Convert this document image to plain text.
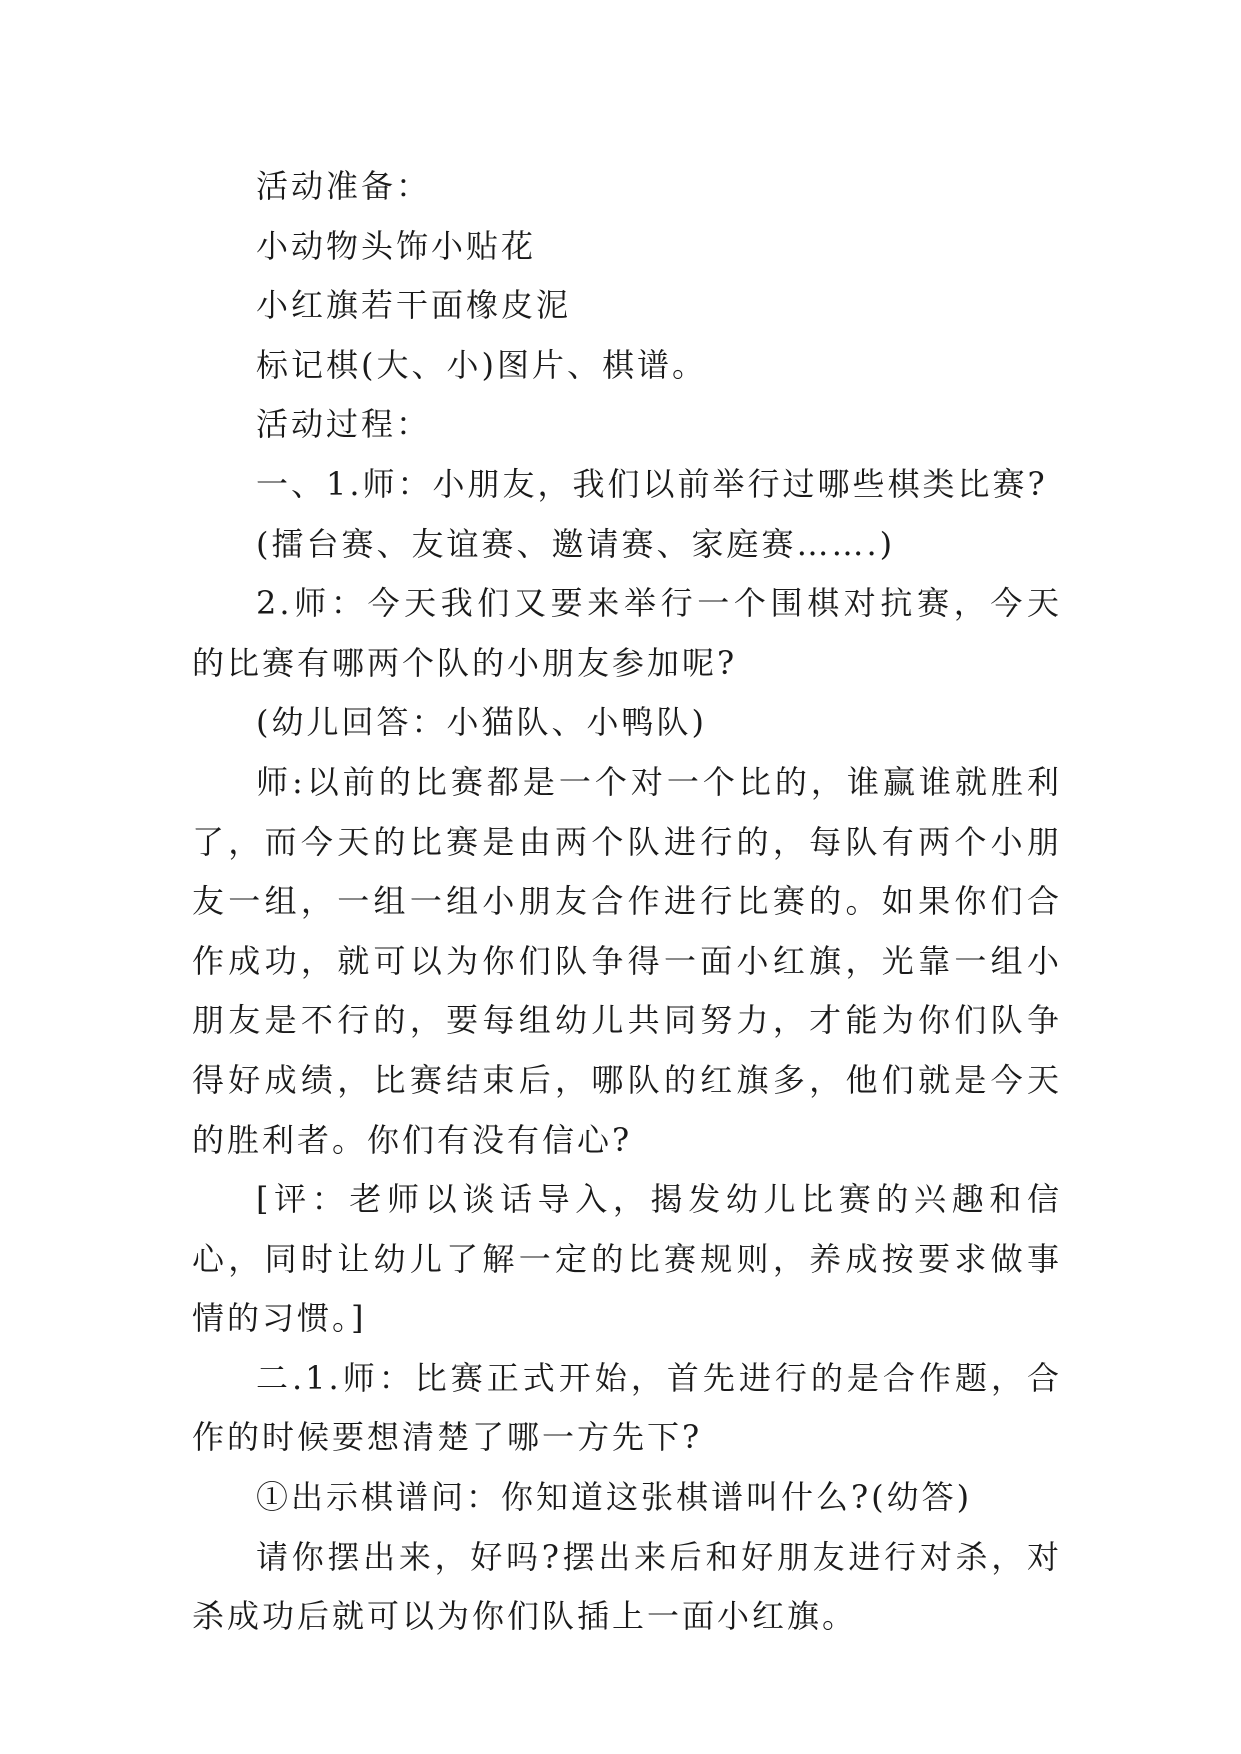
活动准备：

小动物头饰小贴花

小红旗若干面橡皮泥

标记棋(大、小)图片、棋谱。

活动过程：

一、1.师：小朋友，我们以前举行过哪些棋类比赛?

(擂台赛、友谊赛、邀请赛、家庭赛…….)

2.师：今天我们又要来举行一个围棋对抗赛，今天的比赛有哪两个队的小朋友参加呢?

(幼儿回答：小猫队、小鸭队)

师:以前的比赛都是一个对一个比的，谁赢谁就胜利了，而今天的比赛是由两个队进行的，每队有两个小朋友一组，一组一组小朋友合作进行比赛的。如果你们合作成功，就可以为你们队争得一面小红旗，光靠一组小朋友是不行的，要每组幼儿共同努力，才能为你们队争得好成绩，比赛结束后，哪队的红旗多，他们就是今天的胜利者。你们有没有信心?

[评：老师以谈话导入，揭发幼儿比赛的兴趣和信心，同时让幼儿了解一定的比赛规则，养成按要求做事情的习惯。]

二.1.师：比赛正式开始，首先进行的是合作题，合作的时候要想清楚了哪一方先下?

①出示棋谱问：你知道这张棋谱叫什么?(幼答)

请你摆出来，好吗?摆出来后和好朋友进行对杀，对杀成功后就可以为你们队插上一面小红旗。
